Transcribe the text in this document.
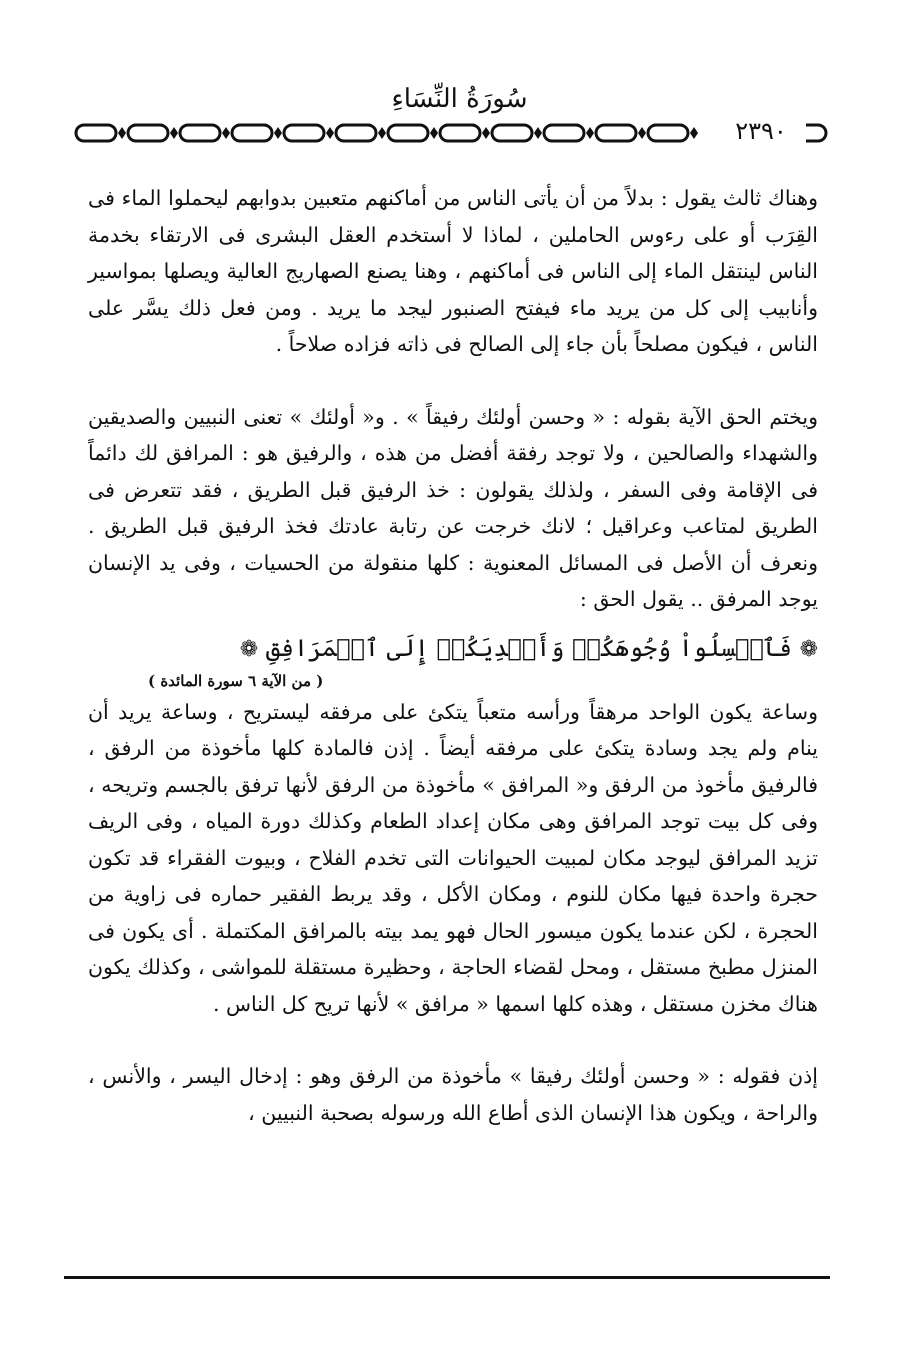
سُورَةُ النِّسَاءِ
٢٣٩٠

وهناك ثالث يقول : بدلاً من أن يأتى الناس من أماكنهم متعبين بدوابهم ليحملوا الماء فى القِرَب أو على رءوس الحاملين ، لماذا لا أستخدم العقل البشرى فى الارتقاء بخدمة الناس لينتقل الماء إلى الناس فى أماكنهم ، وهنا يصنع الصهاريج العالية ويصلها بمواسير وأنابيب إلى كل من يريد ماء فيفتح الصنبور ليجد ما يريد . ومن فعل ذلك يسَّر على الناس ، فيكون مصلحاً بأن جاء إلى الصالح فى ذاته فزاده صلاحاً .

ويختم الحق الآية بقوله : « وحسن أولئك رفيقاً » . و« أولئك » تعنى النبيين والصديقين والشهداء والصالحين ، ولا توجد رفقة أفضل من هذه ، والرفيق هو : المرافق لك دائماً فى الإقامة وفى السفر ، ولذلك يقولون : خذ الرفيق قبل الطريق ، فقد تتعرض فى الطريق لمتاعب وعراقيل ؛ لانك خرجت عن رتابة عادتك فخذ الرفيق قبل الطريق . ونعرف أن الأصل فى المسائل المعنوية : كلها منقولة من الحسيات ، وفى يد الإنسان يوجد المرفق .. يقول الحق :

❁ فَٱغۡسِلُواْ وُجُوهَكُمۡ وَأَيۡدِيَكُمۡ إِلَى ٱلۡمَرَافِقِ ❁
( من الآية ٦ سورة المائدة )

وساعة يكون الواحد مرهقاً ورأسه متعباً يتكئ على مرفقه ليستريح ، وساعة يريد أن ينام ولم يجد وسادة يتكئ على مرفقه أيضاً . إذن فالمادة كلها مأخوذة من الرفق ، فالرفيق مأخوذ من الرفق و« المرافق » مأخوذة من الرفق لأنها ترفق بالجسم وتريحه ، وفى كل بيت توجد المرافق وهى مكان إعداد الطعام وكذلك دورة المياه ، وفى الريف تزيد المرافق ليوجد مكان لمبيت الحيوانات التى تخدم الفلاح ، وبيوت الفقراء قد تكون حجرة واحدة فيها مكان للنوم ، ومكان الأكل ، وقد يربط الفقير حماره فى زاوية من الحجرة ، لكن عندما يكون ميسور الحال فهو يمد بيته بالمرافق المكتملة . أى يكون فى المنزل مطبخ مستقل ، ومحل لقضاء الحاجة ، وحظيرة مستقلة للمواشى ، وكذلك يكون هناك مخزن مستقل ، وهذه كلها اسمها « مرافق » لأنها تريح كل الناس .

إذن فقوله : « وحسن أولئك رفيقا » مأخوذة من الرفق وهو : إدخال اليسر ، والأنس ، والراحة ، ويكون هذا الإنسان الذى أطاع الله ورسوله بصحبة النبيين ،
